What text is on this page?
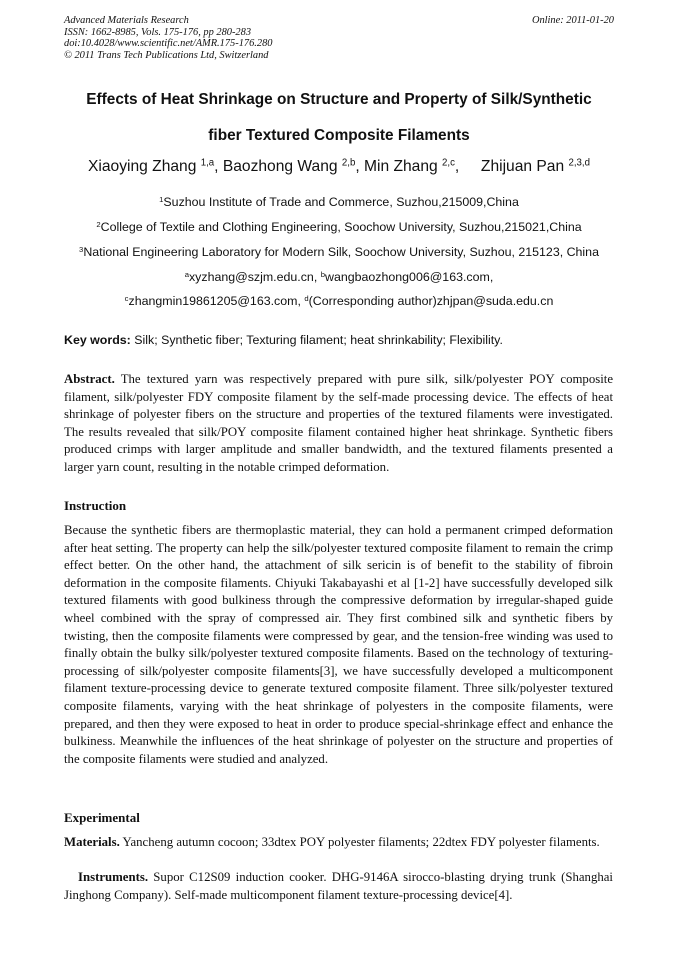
Advanced Materials Research
ISSN: 1662-8985, Vols. 175-176, pp 280-283
doi:10.4028/www.scientific.net/AMR.175-176.280
© 2011 Trans Tech Publications Ltd, Switzerland
Online: 2011-01-20
Effects of Heat Shrinkage on Structure and Property of Silk/Synthetic
fiber Textured Composite Filaments
Xiaoying Zhang $^{1,a}$, Baozhong Wang $^{2,b}$, Min Zhang $^{2,c}$,     Zhijuan Pan $^{2,3,d}$
$^1$Suzhou Institute of Trade and Commerce, Suzhou,215009,China
$^2$College of Textile and Clothing Engineering, Soochow University, Suzhou,215021,China
$^3$National Engineering Laboratory for Modern Silk, Soochow University, Suzhou, 215123, China
$^a$xyzhang@szjm.edu.cn, $^b$wangbaozhong006@163.com,
$^c$zhangmin19861205@163.com, $^d$(Corresponding author)zhjpan@suda.edu.cn
Key words: Silk; Synthetic fiber; Texturing filament; heat shrinkability; Flexibility.
Abstract. The textured yarn was respectively prepared with pure silk, silk/polyester POY composite filament, silk/polyester FDY composite filament by the self-made processing device. The effects of heat shrinkage of polyester fibers on the structure and properties of the textured filaments were investigated. The results revealed that silk/POY composite filament contained higher heat shrinkage. Synthetic fibers produced crimps with larger amplitude and smaller bandwidth, and the textured filaments presented a larger yarn count, resulting in the notable crimped deformation.
Instruction
Because the synthetic fibers are thermoplastic material, they can hold a permanent crimped deformation after heat setting. The property can help the silk/polyester textured composite filament to remain the crimp effect better. On the other hand, the attachment of silk sericin is of benefit to the stability of fibroin deformation in the composite filaments. Chiyuki Takabayashi et al [1-2] have successfully developed silk textured filaments with good bulkiness through the compressive deformation by irregular-shaped guide wheel combined with the spray of compressed air. They first combined silk and synthetic fibers by twisting, then the composite filaments were compressed by gear, and the tension-free winding was used to finally obtain the bulky silk/polyester textured composite filaments. Based on the technology of texturing-processing of silk/polyester composite filaments[3], we have successfully developed a multicomponent filament texture-processing device to generate textured composite filament. Three silk/polyester textured composite filaments, varying with the heat shrinkage of polyesters in the composite filaments, were prepared, and then they were exposed to heat in order to produce special-shrinkage effect and enhance the bulkiness. Meanwhile the influences of the heat shrinkage of polyester on the structure and properties of the composite filaments were studied and analyzed.
Experimental
Materials. Yancheng autumn cocoon; 33dtex POY polyester filaments; 22dtex FDY polyester filaments.
Instruments. Supor C12S09 induction cooker. DHG-9146A sirocco-blasting drying trunk (Shanghai Jinghong Company). Self-made multicomponent filament texture-processing device[4].
